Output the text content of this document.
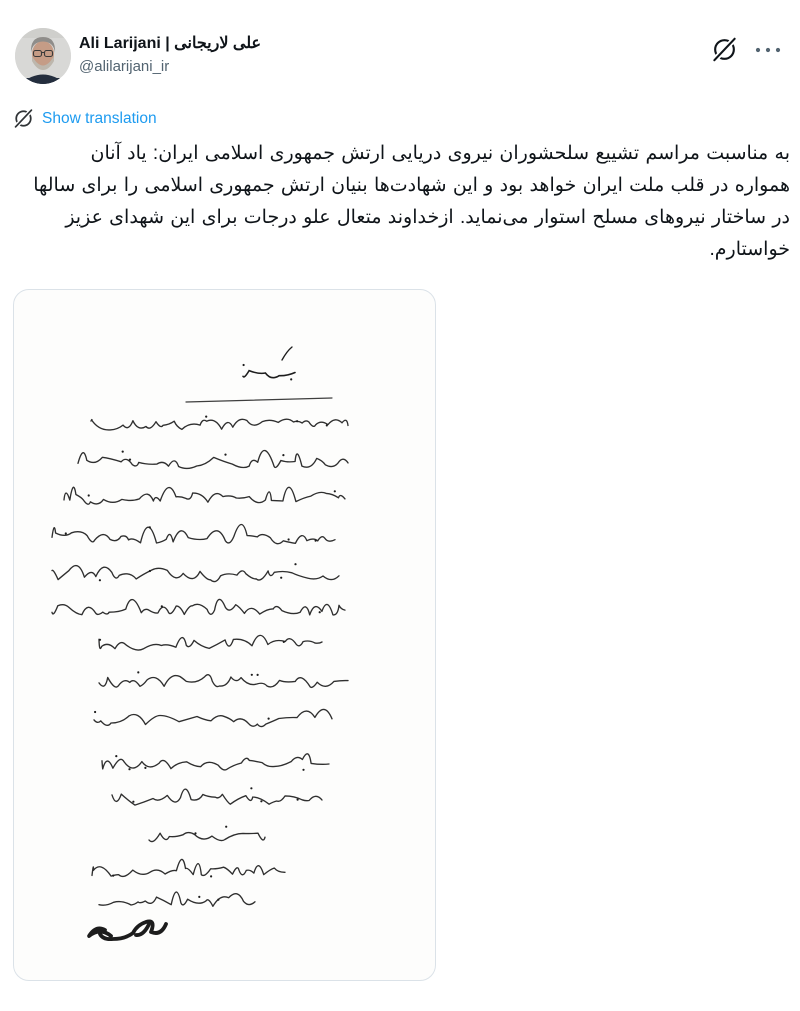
Ali Larijani | علی لاریجانی
@alilarijani_ir
Show translation
به مناسبت مراسم تشییع سلحشوران نیروی دریایی ارتش جمهوری اسلامی ایران: یاد آنان همواره در قلب ملت ایران خواهد بود و این شهادت‌ها بنیان ارتش جمهوری اسلامی را برای سالها در ساختار نیروهای مسلح استوار می‌نماید. ازخداوند متعال علو درجات برای این شهدای عزیز خواستارم.
